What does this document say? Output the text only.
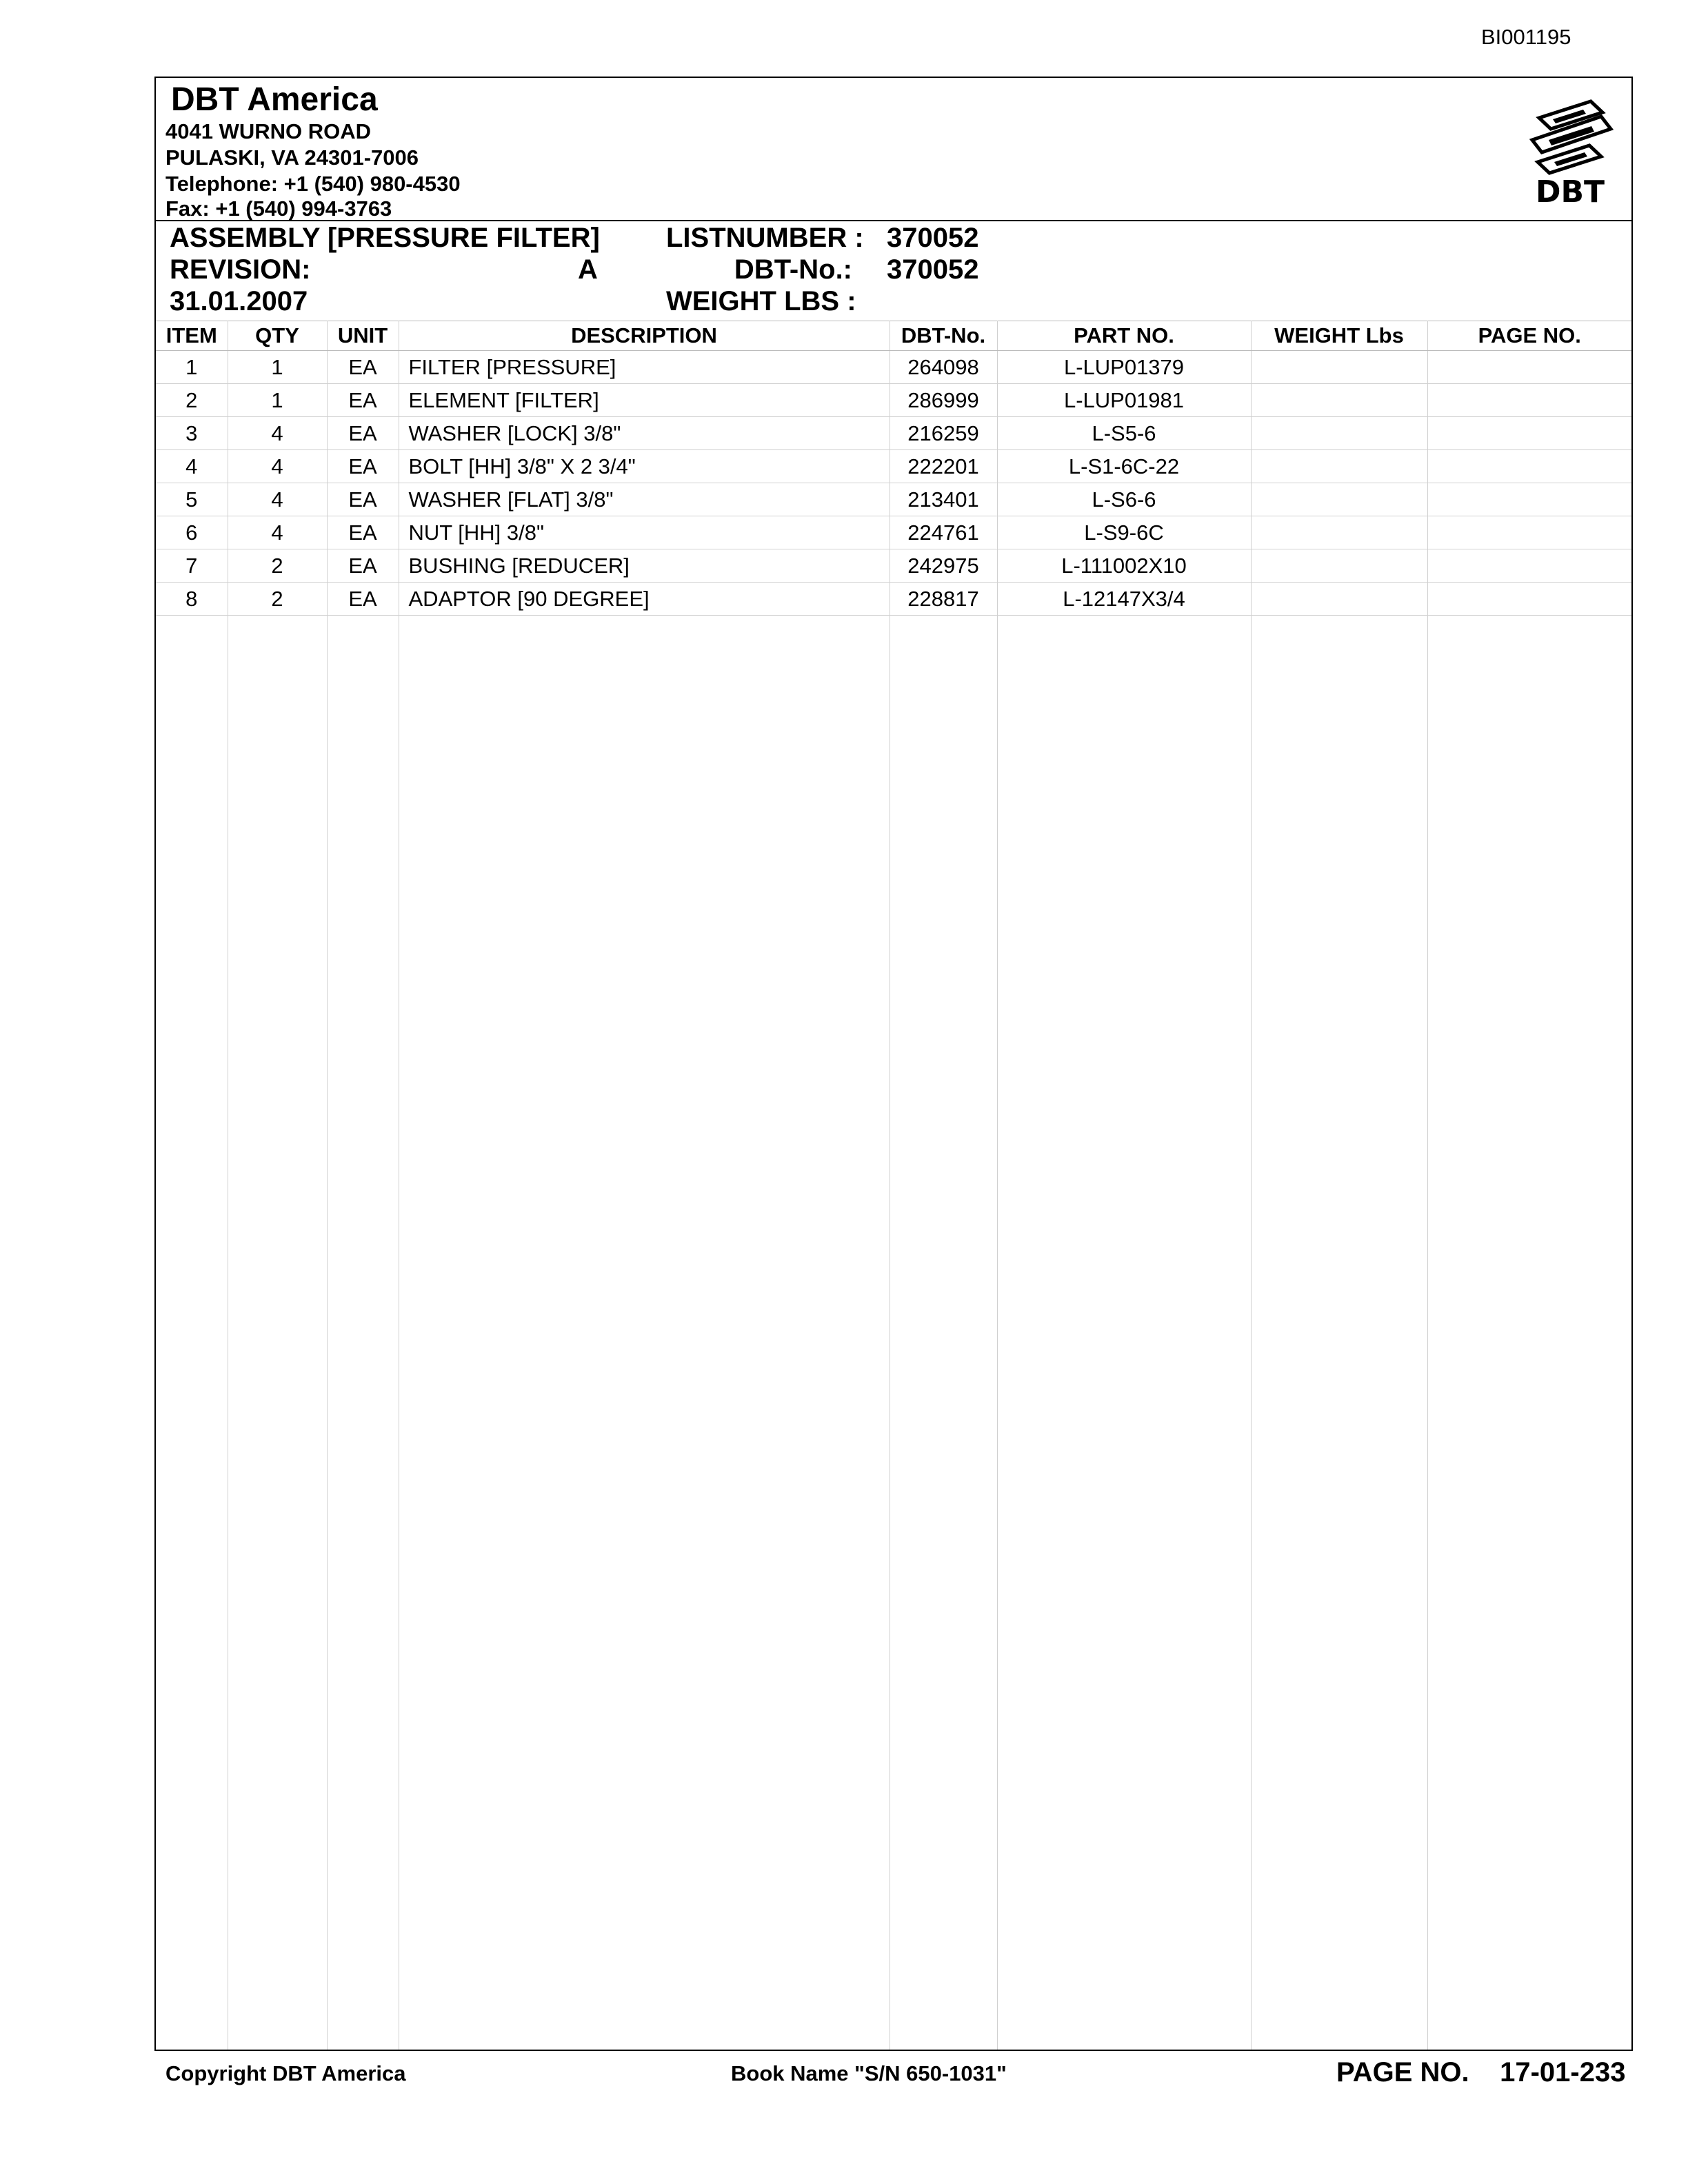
BI001195
DBT America
4041 WURNO ROAD
PULASKI, VA 24301-7006
Telephone: +1 (540) 980-4530
Fax: +1 (540) 994-3763	DBT
ASSEMBLY [PRESSURE FILTER]
REVISION:	A
31.01.2007
LISTNUMBER : 370052
DBT-No.: 370052
WEIGHT LBS :
ITEM	QTY	UNIT	DESCRIPTION	DBT-No.	PART NO.	WEIGHT Lbs	PAGE NO.
1	1	EA	FILTER [PRESSURE]	264098	L-LUP01379		
2	1	EA	ELEMENT [FILTER]	286999	L-LUP01981		
3	4	EA	WASHER [LOCK] 3/8"	216259	L-S5-6		
4	4	EA	BOLT [HH] 3/8" X 2 3/4"	222201	L-S1-6C-22		
5	4	EA	WASHER [FLAT] 3/8"	213401	L-S6-6		
6	4	EA	NUT [HH] 3/8"	224761	L-S9-6C		
7	2	EA	BUSHING [REDUCER]	242975	L-111002X10		
8	2	EA	ADAPTOR [90 DEGREE]	228817	L-12147X3/4		
Copyright DBT America	Book Name "S/N 650-1031"	PAGE NO.    17-01-233
